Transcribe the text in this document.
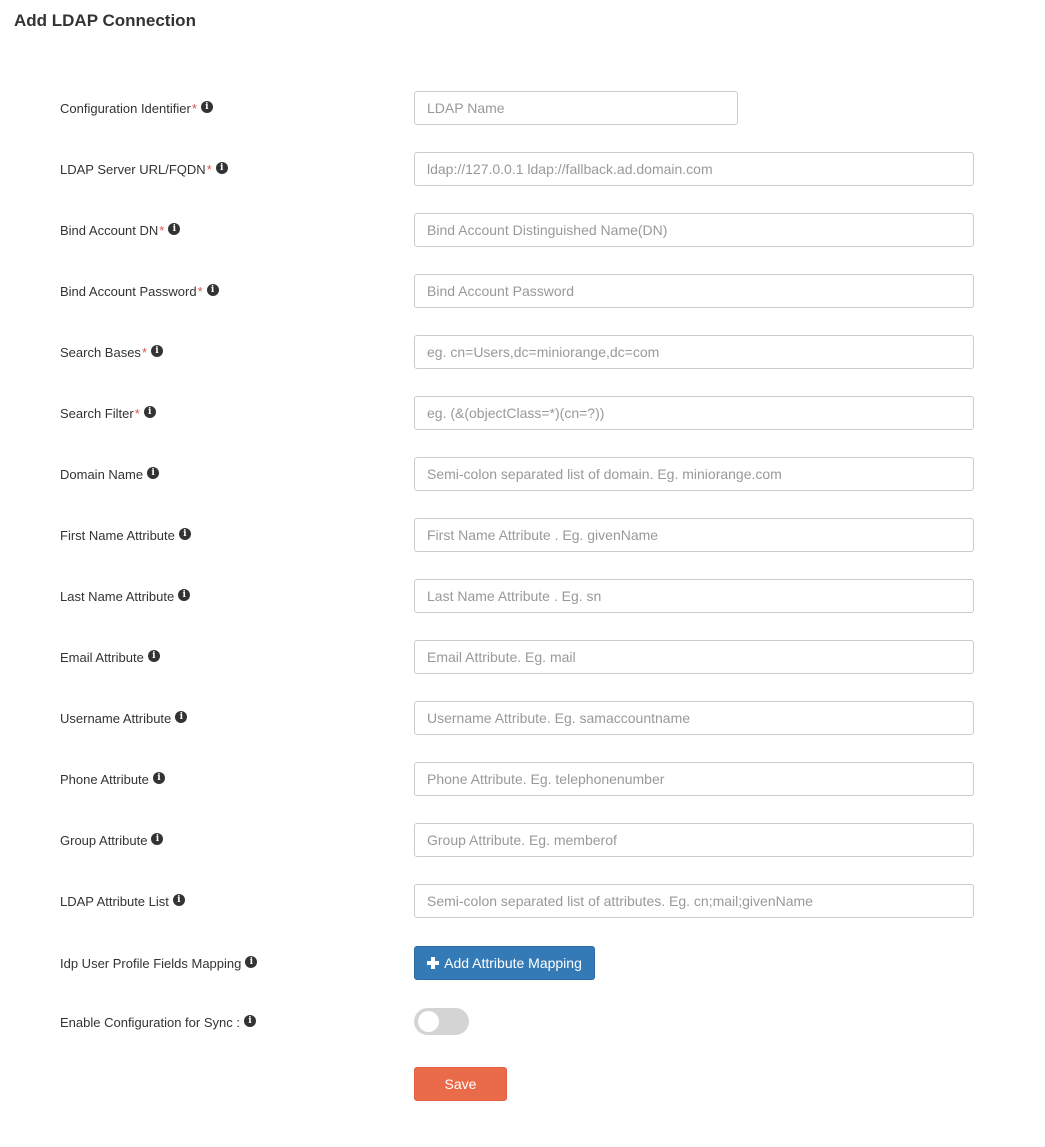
Add LDAP Connection
Configuration Identifier * i
LDAP Name
LDAP Server URL/FQDN * i
ldap://127.0.0.1 ldap://fallback.ad.domain.com
Bind Account DN * i
Bind Account Distinguished Name(DN)
Bind Account Password * i
Search Bases * i
eg. cn=Users,dc=miniorange,dc=com
Search Filter * i
eg. (&(objectClass=*)(cn=?))
Domain Name i
Semi-colon separated list of domain. Eg. miniorange.com
First Name Attribute i
First Name Attribute . Eg. givenName
Last Name Attribute i
Last Name Attribute . Eg. sn
Email Attribute i
Email Attribute. Eg. mail
Username Attribute i
Username Attribute. Eg. samaccountname
Phone Attribute i
Phone Attribute. Eg. telephonenumber
Group Attribute i
Group Attribute. Eg. memberof
LDAP Attribute List i
Semi-colon separated list of attributes. Eg. cn;mail;givenName
Idp User Profile Fields Mapping i	Add Attribute Mapping
Enable Configuration for Sync : i
Save
